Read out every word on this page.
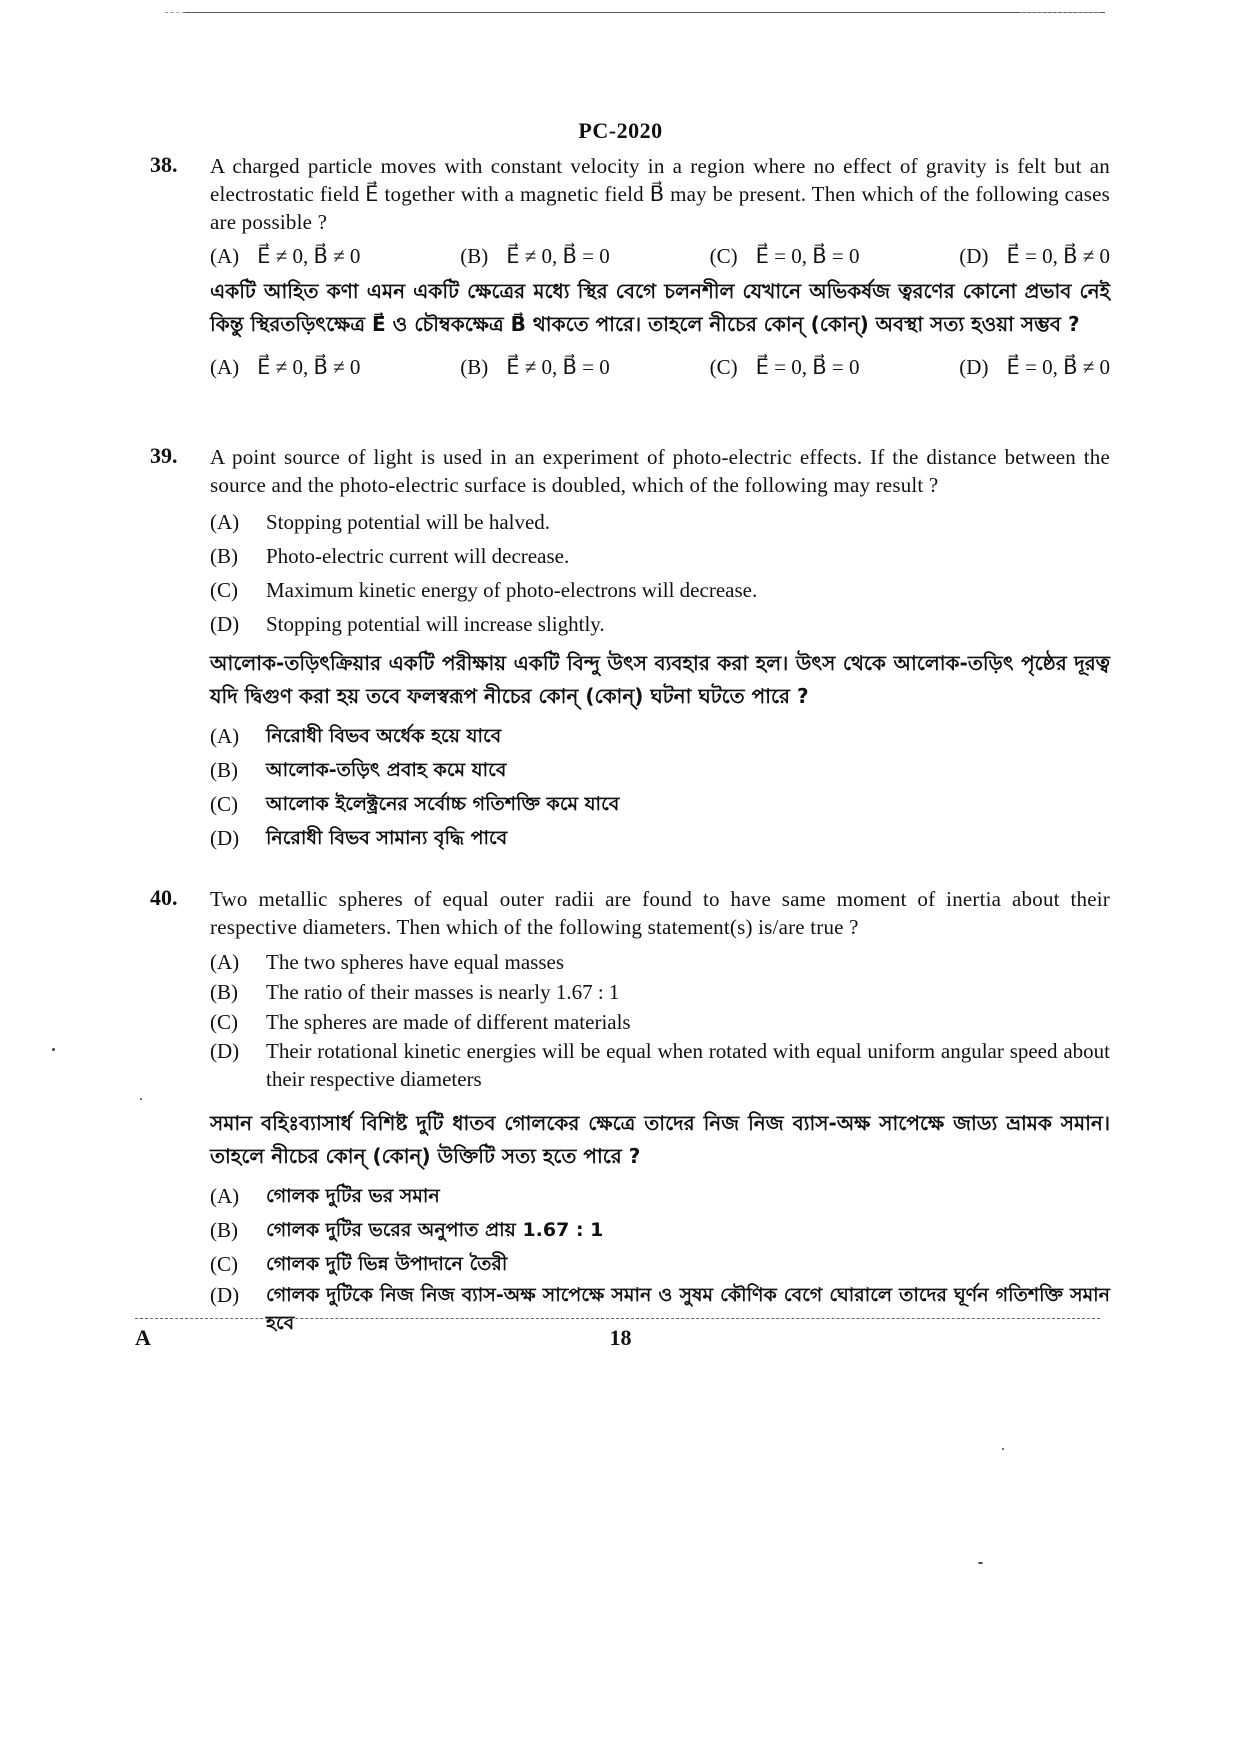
PC-2020
38. A charged particle moves with constant velocity in a region where no effect of gravity is felt but an electrostatic field E⃗ together with a magnetic field B⃗ may be present. Then which of the following cases are possible ?
(A) E⃗ ≠ 0, B⃗ ≠ 0	(B) E⃗ ≠ 0, B⃗ = 0	(C) E⃗ = 0, B⃗ = 0	(D) E⃗ = 0, B⃗ ≠ 0
একটি আহিত কণা এমন একটি ক্ষেত্রের মধ্যে স্থির বেগে চলনশীল যেখানে অভিকর্ষজ ত্বরণের কোনো প্রভাব নেই কিন্তু স্থিরতড়িৎক্ষেত্র E⃗ ও চৌম্বকক্ষেত্র B⃗ থাকতে পারে। তাহলে নীচের কোন্ (কোন্) অবস্থা সত্য হওয়া সম্ভব ?
(A) E⃗ ≠ 0, B⃗ ≠ 0	(B) E⃗ ≠ 0, B⃗ = 0	(C) E⃗ = 0, B⃗ = 0	(D) E⃗ = 0, B⃗ ≠ 0
39. A point source of light is used in an experiment of photo-electric effects. If the distance between the source and the photo-electric surface is doubled, which of the following may result ?
(A)	Stopping potential will be halved.
(B)	Photo-electric current will decrease.
(C)	Maximum kinetic energy of photo-electrons will decrease.
(D)	Stopping potential will increase slightly.
আলোক-তড়িৎক্রিয়ার একটি পরীক্ষায় একটি বিন্দু উৎস ব্যবহার করা হল। উৎস থেকে আলোক-তড়িৎ পৃষ্ঠের দূরত্ব যদি দ্বিগুণ করা হয় তবে ফলস্বরূপ নীচের কোন্ (কোন্) ঘটনা ঘটতে পারে ?
(A)	নিরোধী বিভব অর্ধেক হয়ে যাবে
(B)	আলোক-তড়িৎ প্রবাহ কমে যাবে
(C)	আলোক ইলেক্ট্রনের সর্বোচ্চ গতিশক্তি কমে যাবে
(D)	নিরোধী বিভব সামান্য বৃদ্ধি পাবে
40. Two metallic spheres of equal outer radii are found to have same moment of inertia about their respective diameters. Then which of the following statement(s) is/are true ?
(A)	The two spheres have equal masses
(B)	The ratio of their masses is nearly 1.67 : 1
(C)	The spheres are made of different materials
(D)	Their rotational kinetic energies will be equal when rotated with equal uniform angular speed about their respective diameters
সমান বহিঃব্যাসার্ধ বিশিষ্ট দুটি ধাতব গোলকের ক্ষেত্রে তাদের নিজ নিজ ব্যাস-অক্ষ সাপেক্ষে জাড্য ভ্রামক সমান। তাহলে নীচের কোন্ (কোন্) উক্তিটি সত্য হতে পারে ?
(A)	গোলক দুটির ভর সমান
(B)	গোলক দুটির ভরের অনুপাত প্রায় 1.67 : 1
(C)	গোলক দুটি ভিন্ন উপাদানে তৈরী
(D)	গোলক দুটিকে নিজ নিজ ব্যাস-অক্ষ সাপেক্ষে সমান ও সুষম কৌণিক বেগে ঘোরালে তাদের ঘূর্ণন গতিশক্তি সমান হবে
A	18
